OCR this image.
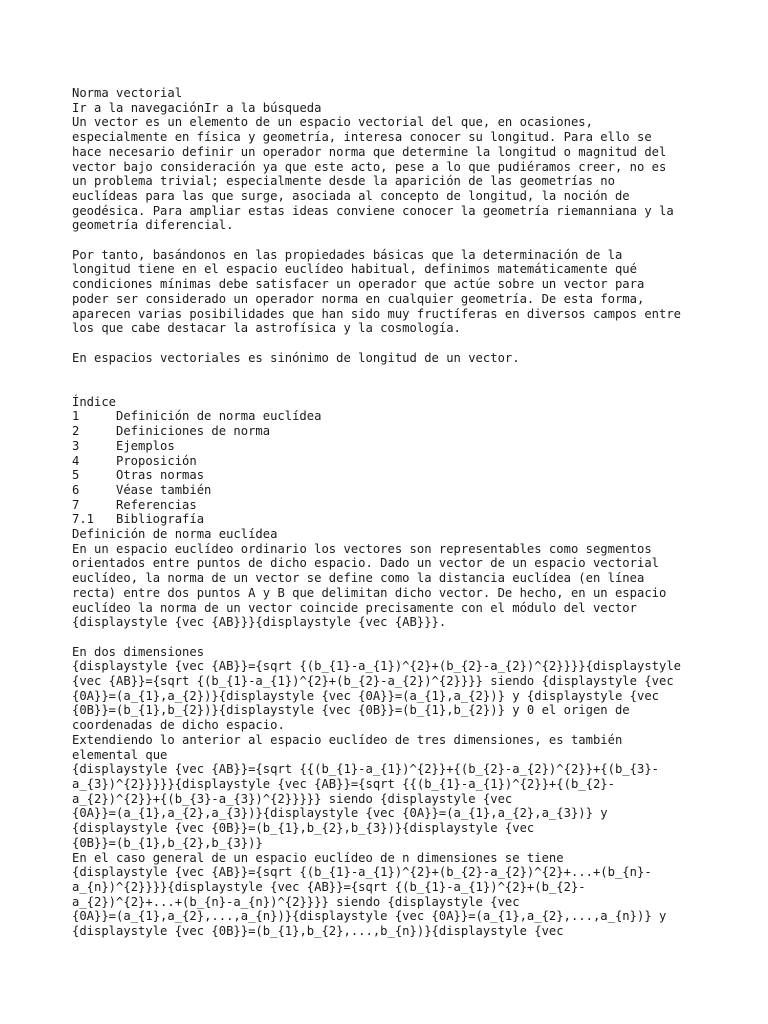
Norma vectorial
Ir a la navegaciónIr a la búsqueda
Un vector es un elemento de un espacio vectorial del que, en ocasiones,
especialmente en física y geometría, interesa conocer su longitud. Para ello se
hace necesario definir un operador norma que determine la longitud o magnitud del
vector bajo consideración ya que este acto, pese a lo que pudiéramos creer, no es
un problema trivial; especialmente desde la aparición de las geometrías no
euclídeas para las que surge, asociada al concepto de longitud, la noción de
geodésica. Para ampliar estas ideas conviene conocer la geometría riemanniana y la
geometría diferencial.
Por tanto, basándonos en las propiedades básicas que la determinación de la
longitud tiene en el espacio euclídeo habitual, definimos matemáticamente qué
condiciones mínimas debe satisfacer un operador que actúe sobre un vector para
poder ser considerado un operador norma en cualquier geometría. De esta forma,
aparecen varias posibilidades que han sido muy fructíferas en diversos campos entre
los que cabe destacar la astrofísica y la cosmología.
En espacios vectoriales es sinónimo de longitud de un vector.
Índice
1	Definición de norma euclídea
2	Definiciones de norma
3	Ejemplos
4	Proposición
5	Otras normas
6	Véase también
7	Referencias
7.1	Bibliografía
Definición de norma euclídea
En un espacio euclídeo ordinario los vectores son representables como segmentos
orientados entre puntos de dicho espacio. Dado un vector de un espacio vectorial
euclídeo, la norma de un vector se define como la distancia euclídea (en línea
recta) entre dos puntos A y B que delimitan dicho vector. De hecho, en un espacio
euclídeo la norma de un vector coincide precisamente con el módulo del vector
{displaystyle {vec {AB}}}{displaystyle {vec {AB}}}.
En dos dimensiones
{displaystyle {vec {AB}}={sqrt {(b_{1}-a_{1})^{2}+(b_{2}-a_{2})^{2}}}}{displaystyle
{vec {AB}}={sqrt {(b_{1}-a_{1})^{2}+(b_{2}-a_{2})^{2}}}} siendo {displaystyle {vec
{0A}}=(a_{1},a_{2})}{displaystyle {vec {0A}}=(a_{1},a_{2})} y {displaystyle {vec
{0B}}=(b_{1},b_{2})}{displaystyle {vec {0B}}=(b_{1},b_{2})} y 0 el origen de
coordenadas de dicho espacio.
Extendiendo lo anterior al espacio euclídeo de tres dimensiones, es también
elemental que
{displaystyle {vec {AB}}={sqrt {{(b_{1}-a_{1})^{2}}+{(b_{2}-a_{2})^{2}}+{(b_{3}-
a_{3})^{2}}}}}{displaystyle {vec {AB}}={sqrt {{(b_{1}-a_{1})^{2}}+{(b_{2}-
a_{2})^{2}}+{(b_{3}-a_{3})^{2}}}}} siendo {displaystyle {vec
{0A}}=(a_{1},a_{2},a_{3})}{displaystyle {vec {0A}}=(a_{1},a_{2},a_{3})} y
{displaystyle {vec {0B}}=(b_{1},b_{2},b_{3})}{displaystyle {vec
{0B}}=(b_{1},b_{2},b_{3})}
En el caso general de un espacio euclídeo de n dimensiones se tiene
{displaystyle {vec {AB}}={sqrt {(b_{1}-a_{1})^{2}+(b_{2}-a_{2})^{2}+...+(b_{n}-
a_{n})^{2}}}}{displaystyle {vec {AB}}={sqrt {(b_{1}-a_{1})^{2}+(b_{2}-
a_{2})^{2}+...+(b_{n}-a_{n})^{2}}}} siendo {displaystyle {vec
{0A}}=(a_{1},a_{2},...,a_{n})}{displaystyle {vec {0A}}=(a_{1},a_{2},...,a_{n})} y
{displaystyle {vec {0B}}=(b_{1},b_{2},...,b_{n})}{displaystyle {vec
